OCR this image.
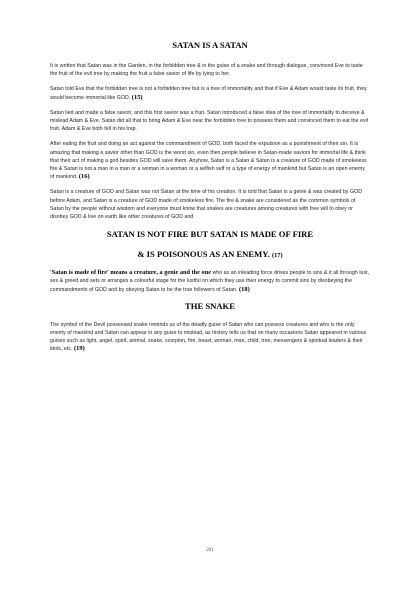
SATAN IS A SATAN

It is written that Satan was in the Garden, in the forbidden tree & in the guise of a snake and through dialogue, convinced Eve to taste the fruit of the evil tree by making the fruit a false savior of life by lying to her.

Satan told Eve that the forbidden tree is not a forbidden tree but is a tree of immortality and that if Eve & Adam would taste its fruit, they would become immortal like GOD. (15)

Satan lied and made a false savior, and this first savior was a fruit. Satan introduced a false idea of the tree of immortality to deceive & mislead Adam & Eve. Satan did all that to bring Adam & Eve near the forbidden tree to possess them and convinced them to eat the evil fruit. Adam & Eve both fell in his trap.

After eating the fruit and doing an act against the commandment of GOD, both faced the expulsion as a punishment of their sin. It is amazing that making a savior other than GOD is the worst sin, even then people believe in Satan-made saviors for immortal life & think that their act of making a god besides GOD will save them. Anyhow, Satan is a Satan & Satan is a creature of GOD made of smokeless fire & Satan is not a man in a man or a woman in a woman or a selfish self or a type of energy of mankind but Satan is an open enemy of mankind. (16)

Satan is a creature of GOD and Satan was not Satan at the time of his creation. It is told that Satan is a genie & was created by GOD before Adam, and Satan is a creature of GOD made of smokeless fire. The fire & snake are considered as the common symbols of Satan by the people without wisdom and everyone must know that snakes are creatures among creatures with free will to obey or disobey GOD & live on earth like other creatures of GOD and

SATAN IS NOT FIRE BUT SATAN IS MADE OF FIRE
& IS POISONOUS AS AN ENEMY. (17)

'Satan is made of fire' means a creature, a genie and the one who as an inleading force drives people to sins & it all through lust, sex & greed and sets or arranges a colourful stage for the lustful on which they use their energy to commit sins by disobeying the commandments of GOD and by obeying Satan to be the true followers of Satan. (18)

THE SNAKE

The symbol of the Devil possessed snake reminds us of the deadly guise of Satan who can possess creatures and who is the only enemy of mankind and Satan can appear in any guise to mislead, as history tells us that on many occasions Satan appeared in various guises such as light, angel, spirit, animal, snake, scorpion, fire, beast, woman, man, child, tree, messengers & spiritual leaders & their idols, etc. (19)

201
